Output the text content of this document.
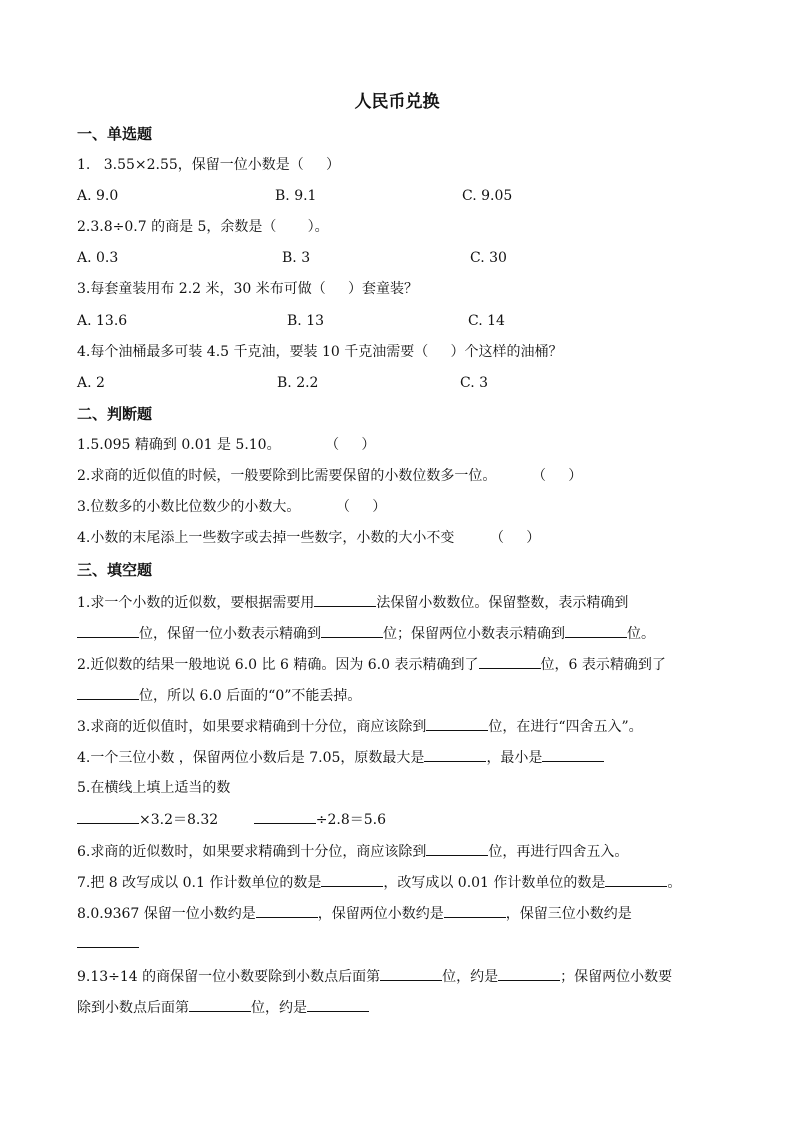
人民币兑换
一、单选题
1.   3.55×2.55，保留一位小数是（     ）
A. 9.0	B. 9.1	C. 9.05
2.3.8÷0.7 的商是 5，余数是（       ）。
A. 0.3	B. 3	C. 30
3.每套童装用布 2.2 米，30 米布可做（     ）套童装？
A. 13.6	B. 13	C. 14
4.每个油桶最多可装 4.5 千克油，要装 10 千克油需要（     ）个这样的油桶？
A. 2	B. 2.2	C. 3
二、判断题
1.5.095 精确到 0.01 是 5.10。          （     ）
2.求商的近似值的时候，一般要除到比需要保留的小数位数多一位。        （     ）
3.位数多的小数比位数少的小数大。        （     ）
4.小数的末尾添上一些数字或去掉一些数字，小数的大小不变        （     ）
三、填空题
1.求一个小数的近似数，要根据需要用	法保留小数数位。保留整数，表示精确到
位，保留一位小数表示精确到	位；保留两位小数表示精确到	位。
2.近似数的结果一般地说 6.0 比 6 精确。因为 6.0 表示精确到了	位，6 表示精确到了
位，所以 6.0 后面的“0”不能丢掉。
3.求商的近似值时，如果要求精确到十分位，商应该除到	位，在进行“四舍五入”。
4.一个三位小数 ，保留两位小数后是 7.05，原数最大是	，最小是
5.在横线上填上适当的数
×3.2＝8.32	÷2.8＝5.6
6.求商的近似数时，如果要求精确到十分位，商应该除到	位，再进行四舍五入。
7.把 8 改写成以 0.1 作计数单位的数是	，改写成以 0.01 作计数单位的数是	。
8.0.9367 保留一位小数约是	，保留两位小数约是	，保留三位小数约是
9.13÷14 的商保留一位小数要除到小数点后面第	位，约是	；保留两位小数要
除到小数点后面第	位，约是
